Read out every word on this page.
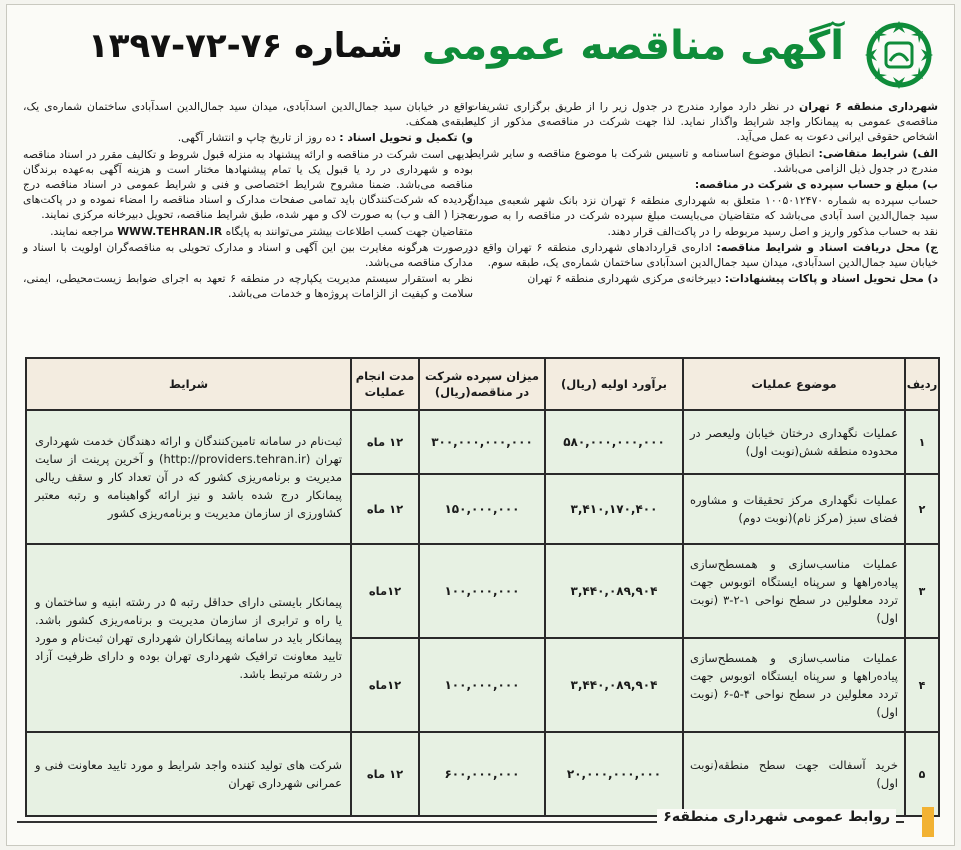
آگهی مناقصه عمومی شماره ۷۶-۷۲-۱۳۹۷

شهرداری منطقه ۶ تهران در نظر دارد موارد مندرج در جدول زیر را از طریق برگزاری تشریفات مناقصه‌ی عمومی به پیمانکار واجد شرایط واگذار نماید. لذا جهت شرکت در مناقصه‌ی مذکور از کلیه اشخاص حقوقی ایرانی دعوت به عمل می‌آید.

الف) شرایط متقاضی: انطباق موضوع اساسنامه و تاسیس شرکت با موضوع مناقصه و سایر شرایط مندرج در جدول ذیل الزامی می‌باشد.

ب) مبلغ و حساب سپرده ی شرکت در مناقصه:

حساب سپرده به شماره ۱۰۰۵۰۱۲۴۷۰ متعلق به شهرداری منطقه ۶ تهران نزد بانک شهر شعبه‌ی میدان سید جمال‌الدین اسد آبادی می‌باشد که متقاضیان می‌بایست مبلغ سپرده شرکت در مناقصه را به صورت نقد به حساب مذکور واریز و اصل رسید مربوطه را در پاکت‌الف قرار دهند.

ج) محل دریافت اسناد و شرایط مناقصه: اداره‌ی قراردادهای شهرداری منطقه ۶ تهران واقع در خیابان سید جمال‌الدین اسدآبادی، میدان سید جمال‌الدین اسدآبادی ساختمان شماره‌ی یک، طبقه سوم.

د) محل تحویل اسناد و پاکات پیشنهادات: دبیرخانه‌ی مرکزی شهرداری منطقه ۶ تهران

واقع در خیابان سید جمال‌الدین اسدآبادی، میدان سید جمال‌الدین اسدآبادی ساختمان شماره‌ی یک، طبقه‌ی همکف.

و) تکمیل و تحویل اسناد : ده روز از تاریخ چاپ و انتشار آگهی.

بدیهی است شرکت در مناقصه و ارائه پیشنهاد به منزله قبول شروط و تکالیف مقرر در اسناد مناقصه بوده و شهرداری در رد یا قبول یک یا تمام پیشنهادها مختار است و هزینه آگهی به‌عهده برندگان مناقصه می‌باشد. ضمنا مشروح شرایط اختصاصی و فنی و شرایط عمومی در اسناد مناقصه درج گردیده که شرکت‌کنندگان باید تمامی صفحات مدارک و اسناد مناقصه را امضاء نموده و در پاکت‌های مجزا ( الف و ب) به صورت لاک و مهر شده، طبق شرایط مناقصه، تحویل دبیرخانه مرکزی نمایند.

متقاضیان جهت کسب اطلاعات بیشتر می‌توانند به پایگاه WWW.TEHRAN.IR مراجعه نمایند.

درصورت هرگونه مغایرت بین این آگهی و اسناد و مدارک تحویلی به مناقصه‌گران اولویت با اسناد و مدارک مناقصه می‌باشد.

نظر به استقرار سیستم مدیریت یکپارچه در منطقه ۶ تعهد به اجرای ضوابط زیست‌محیطی، ایمنی، سلامت و کیفیت از الزامات پروژه‌ها و خدمات می‌باشد.

ردیف	موضوع عملیات	برآورد اولیه (ریال)	میزان سپرده شرکت در مناقصه(ریال)	مدت انجام عملیات	شرایط
۱	عملیات نگهداری درختان خیابان ولیعصر در محدوده منطقه شش(نوبت اول)	۵۸۰,۰۰۰,۰۰۰,۰۰۰	۳۰۰,۰۰۰,۰۰۰,۰۰۰	۱۲ ماه	ثبت‌نام در سامانه تامین‌کنندگان و ارائه دهندگان خدمت شهرداری تهران (http://providers.tehran.ir) و آخرین پرینت از سایت مدیریت و برنامه‌ریزی کشور که در آن تعداد کار و سقف ریالی پیمانکار درج شده باشد و نیز ارائه گواهینامه و رتبه معتبر کشاورزی از سازمان مدیریت و برنامه‌ریزی کشور
۲	عملیات نگهداری مرکز تحقیقات و مشاوره فضای سبز (مرکز نام)(نوبت دوم)	۳,۴۱۰,۱۷۰,۴۰۰	۱۵۰,۰۰۰,۰۰۰	۱۲ ماه	
۳	عملیات مناسب‌سازی و همسطح‌سازی پیاده‌راهها و سرپناه ایستگاه اتوبوس جهت تردد معلولین در سطح نواحی ۱-۲-۳ (نوبت اول)	۳,۴۴۰,۰۸۹,۹۰۴	۱۰۰,۰۰۰,۰۰۰	۱۲ماه	پیمانکار بایستی دارای حداقل رتبه ۵ در رشته ابنیه و ساختمان و یا راه و ترابری از سازمان مدیریت و برنامه‌ریزی کشور باشد. پیمانکار باید در سامانه پیمانکاران شهرداری تهران ثبت‌نام و مورد تایید معاونت ترافیک شهرداری تهران بوده و دارای ظرفیت آزاد در رشته مرتبط باشد.
۴	عملیات مناسب‌سازی و همسطح‌سازی پیاده‌راهها و سرپناه ایستگاه اتوبوس جهت تردد معلولین در سطح نواحی ۴-۵-۶ (نوبت اول)	۳,۴۴۰,۰۸۹,۹۰۴	۱۰۰,۰۰۰,۰۰۰	۱۲ماه	
۵	خرید آسفالت جهت سطح منطقه(نوبت اول)	۲۰,۰۰۰,۰۰۰,۰۰۰	۶۰۰,۰۰۰,۰۰۰	۱۲ ماه	شرکت های تولید کننده واجد شرایط و مورد تایید معاونت فنی و عمرانی شهرداری تهران
روابط عمومی شهرداری منطقه۶
